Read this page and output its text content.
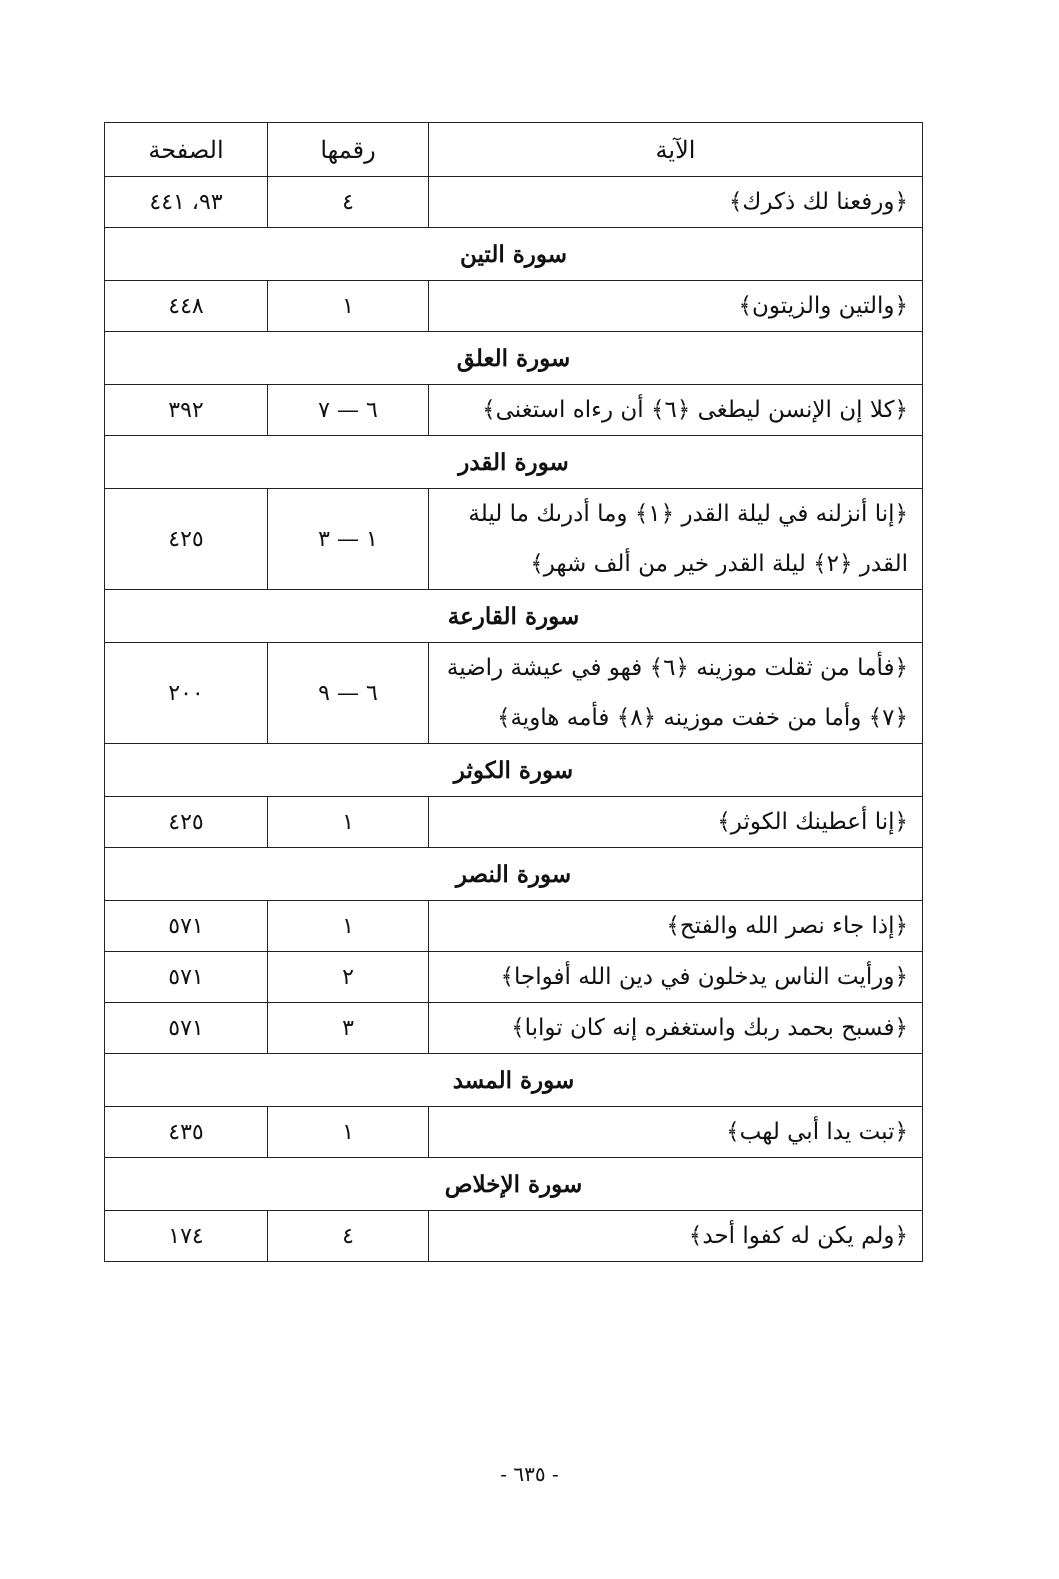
الآية	رقمها	الصفحة
﴿ورفعنا لك ذكرك﴾	٤	٩٣، ٤٤١
سورة التين		
﴿والتين والزيتون﴾	١	٤٤٨
سورة العلق		
﴿كلا إن الإنسن ليطغى ﴿٦﴾ أن رءاه استغنى﴾	٦ — ٧	٣٩٢
سورة القدر		
﴿إنا أنزلنه في ليلة القدر ﴿١﴾ وما أدرىك ما ليلة القدر ﴿٢﴾ ليلة القدر خير من ألف شهر﴾	١ — ٣	٤٢٥
سورة القارعة		
﴿فأما من ثقلت موزينه ﴿٦﴾ فهو في عيشة راضية ﴿٧﴾ وأما من خفت موزينه ﴿٨﴾ فأمه هاوية﴾	٦ — ٩	٢٠٠
سورة الكوثر		
﴿إنا أعطينك الكوثر﴾	١	٤٢٥
سورة النصر		
﴿إذا جاء نصر الله والفتح﴾	١	٥٧١
﴿ورأيت الناس يدخلون في دين الله أفواجا﴾	٢	٥٧١
﴿فسبح بحمد ربك واستغفره إنه كان توابا﴾	٣	٥٧١
سورة المسد		
﴿تبت يدا أبي لهب﴾	١	٤٣٥
سورة الإخلاص		
﴿ولم يكن له كفوا أحد﴾	٤	١٧٤
- ٦٣٥ -
